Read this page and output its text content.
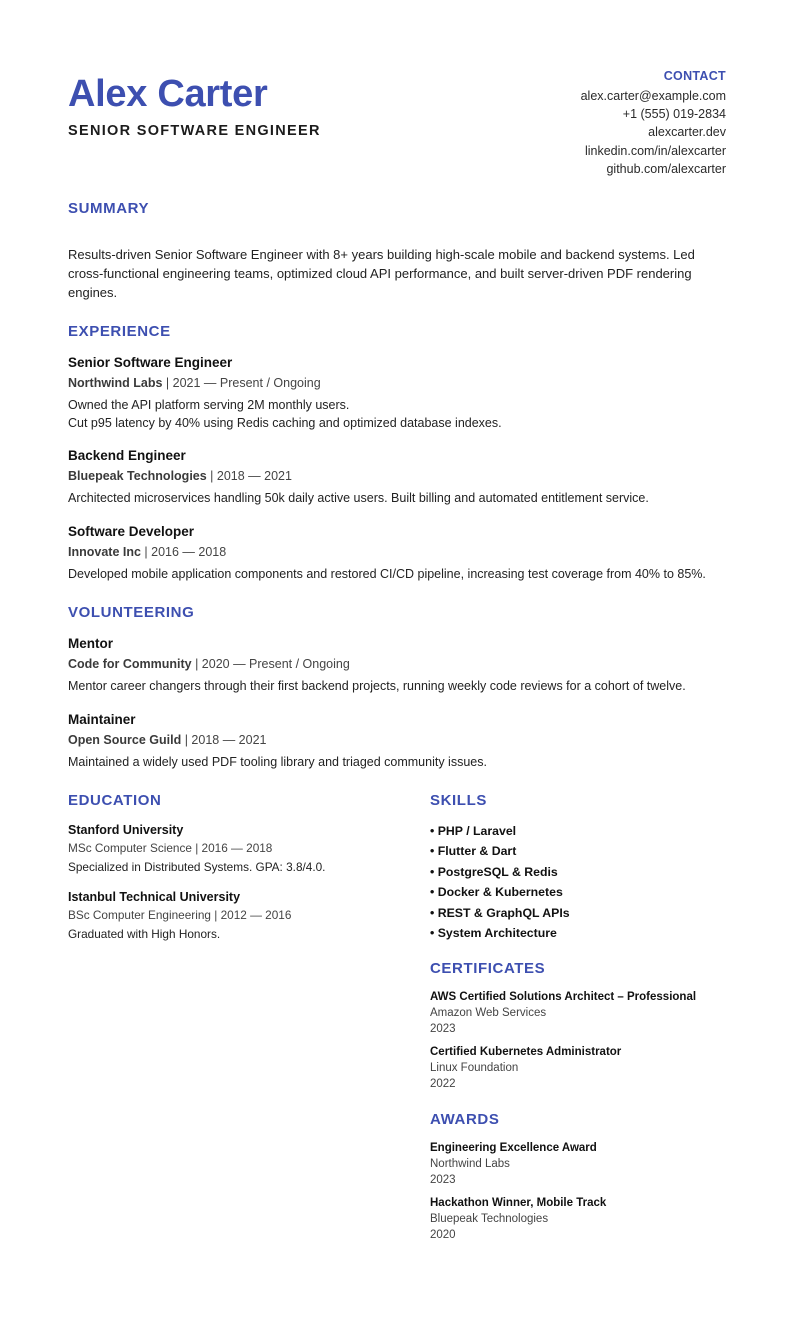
Alex Carter
SENIOR SOFTWARE ENGINEER
CONTACT
alex.carter@example.com
+1 (555) 019-2834
alexcarter.dev
linkedin.com/in/alexcarter
github.com/alexcarter
SUMMARY
Results-driven Senior Software Engineer with 8+ years building high-scale mobile and backend systems. Led cross-functional engineering teams, optimized cloud API performance, and built server-driven PDF rendering engines.
EXPERIENCE
Senior Software Engineer
Northwind Labs | 2021 — Present / Ongoing
Owned the API platform serving 2M monthly users.
Cut p95 latency by 40% using Redis caching and optimized database indexes.
Backend Engineer
Bluepeak Technologies | 2018 — 2021
Architected microservices handling 50k daily active users. Built billing and automated entitlement service.
Software Developer
Innovate Inc | 2016 — 2018
Developed mobile application components and restored CI/CD pipeline, increasing test coverage from 40% to 85%.
VOLUNTEERING
Mentor
Code for Community | 2020 — Present / Ongoing
Mentor career changers through their first backend projects, running weekly code reviews for a cohort of twelve.
Maintainer
Open Source Guild | 2018 — 2021
Maintained a widely used PDF tooling library and triaged community issues.
EDUCATION
Stanford University
MSc Computer Science | 2016 — 2018
Specialized in Distributed Systems. GPA: 3.8/4.0.
Istanbul Technical University
BSc Computer Engineering | 2012 — 2016
Graduated with High Honors.
SKILLS
• PHP / Laravel
• Flutter & Dart
• PostgreSQL & Redis
• Docker & Kubernetes
• REST & GraphQL APIs
• System Architecture
CERTIFICATES
AWS Certified Solutions Architect – Professional
Amazon Web Services
2023
Certified Kubernetes Administrator
Linux Foundation
2022
AWARDS
Engineering Excellence Award
Northwind Labs
2023
Hackathon Winner, Mobile Track
Bluepeak Technologies
2020
